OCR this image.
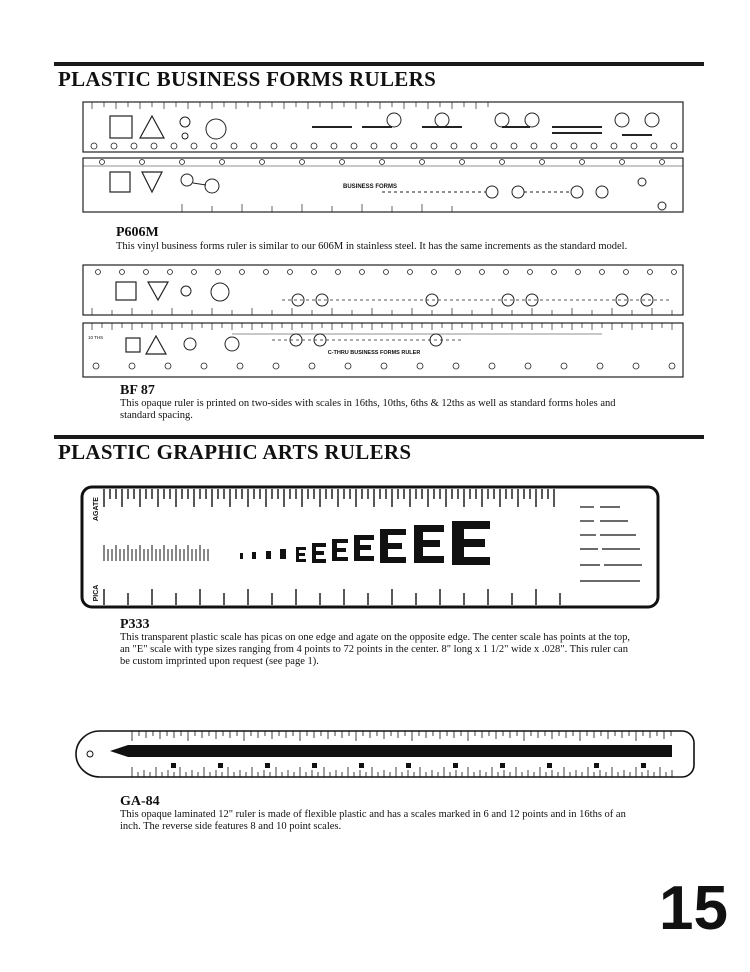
PLASTIC BUSINESS FORMS RULERS
BUSINESS FORMS
P606M
This vinyl business forms ruler is similar to our 606M in stainless steel. It has the same increments as the standard model.
10 THS
C-THRU BUSINESS FORMS RULER
BF 87
This opaque ruler is printed on two-sides with scales in 16ths, 10ths, 6ths & 12ths as well as standard forms holes and standard spacing.
PLASTIC GRAPHIC ARTS RULERS
AGATE
PICA
P333
This transparent plastic scale has picas on one edge and agate on the opposite edge. The center scale has points at the top, an "E" scale with type sizes ranging from 4 points to 72 points in the center. 8" long x 1 1/2" wide x .028". This ruler can be custom imprinted upon request (see page 1).
GA-84
This opaque laminated 12" ruler is made of flexible plastic and has a scales marked in 6 and 12 points and in 16ths of an inch. The reverse side features 8 and 10 point scales.
15
